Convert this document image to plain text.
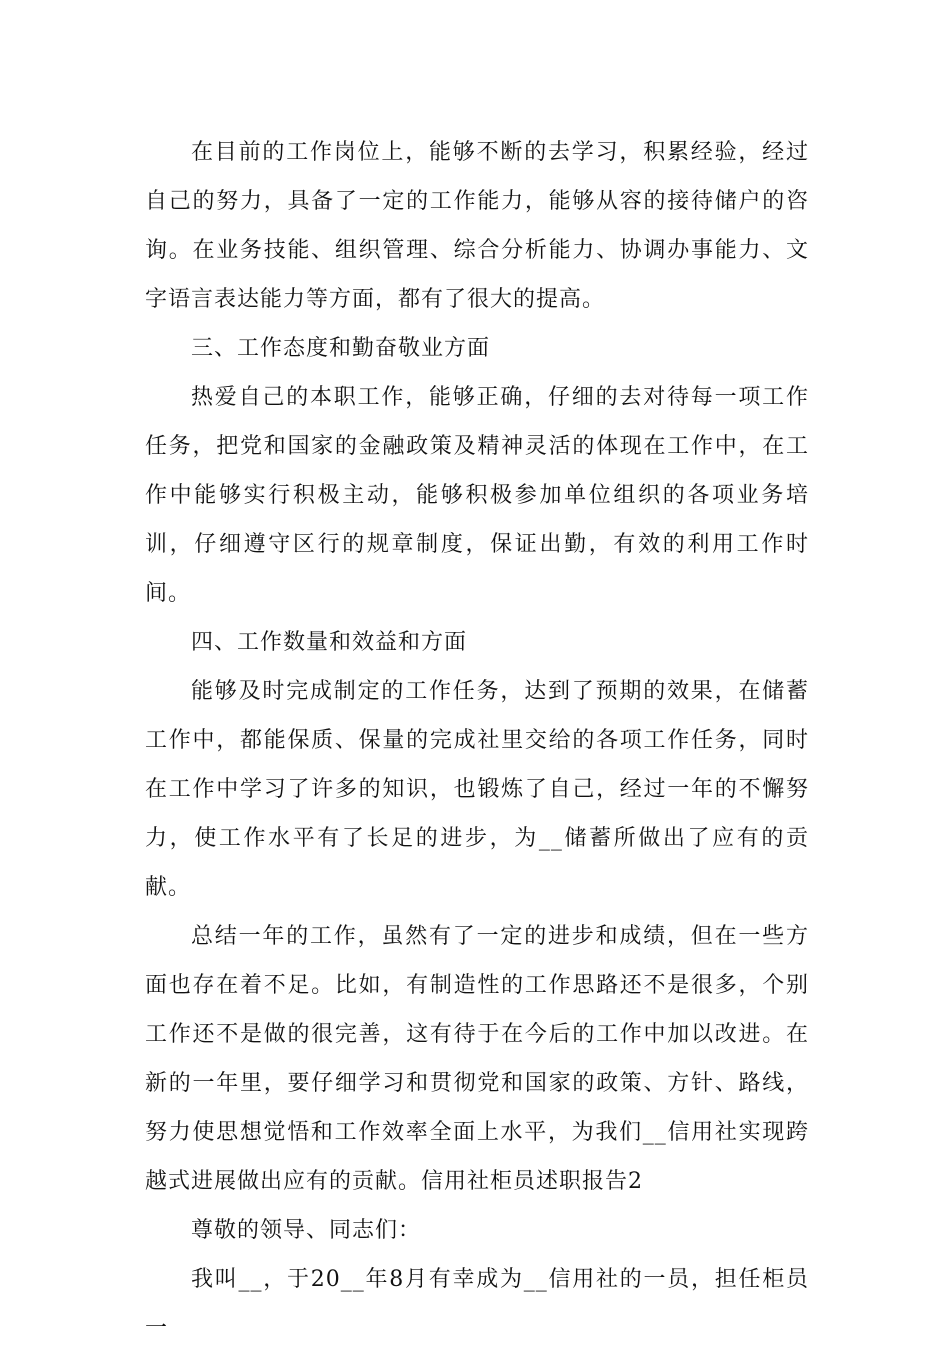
在目前的工作岗位上，能够不断的去学习，积累经验，经过自己的努力，具备了一定的工作能力，能够从容的接待储户的咨询。在业务技能、组织管理、综合分析能力、协调办事能力、文字语言表达能力等方面，都有了很大的提高。

三、工作态度和勤奋敬业方面

热爱自己的本职工作，能够正确，仔细的去对待每一项工作任务，把党和国家的金融政策及精神灵活的体现在工作中，在工作中能够实行积极主动，能够积极参加单位组织的各项业务培训，仔细遵守区行的规章制度，保证出勤，有效的利用工作时间。

四、工作数量和效益和方面

能够及时完成制定的工作任务，达到了预期的效果，在储蓄工作中，都能保质、保量的完成社里交给的各项工作任务，同时在工作中学习了许多的知识，也锻炼了自己，经过一年的不懈努力，使工作水平有了长足的进步，为__储蓄所做出了应有的贡献。

总结一年的工作，虽然有了一定的进步和成绩，但在一些方面也存在着不足。比如，有制造性的工作思路还不是很多，个别工作还不是做的很完善，这有待于在今后的工作中加以改进。在新的一年里，要仔细学习和贯彻党和国家的政策、方针、路线，努力使思想觉悟和工作效率全面上水平，为我们__信用社实现跨越式进展做出应有的贡献。信用社柜员述职报告2

尊敬的领导、同志们：

我叫__，于20__年8月有幸成为__信用社的一员，担任柜员一
